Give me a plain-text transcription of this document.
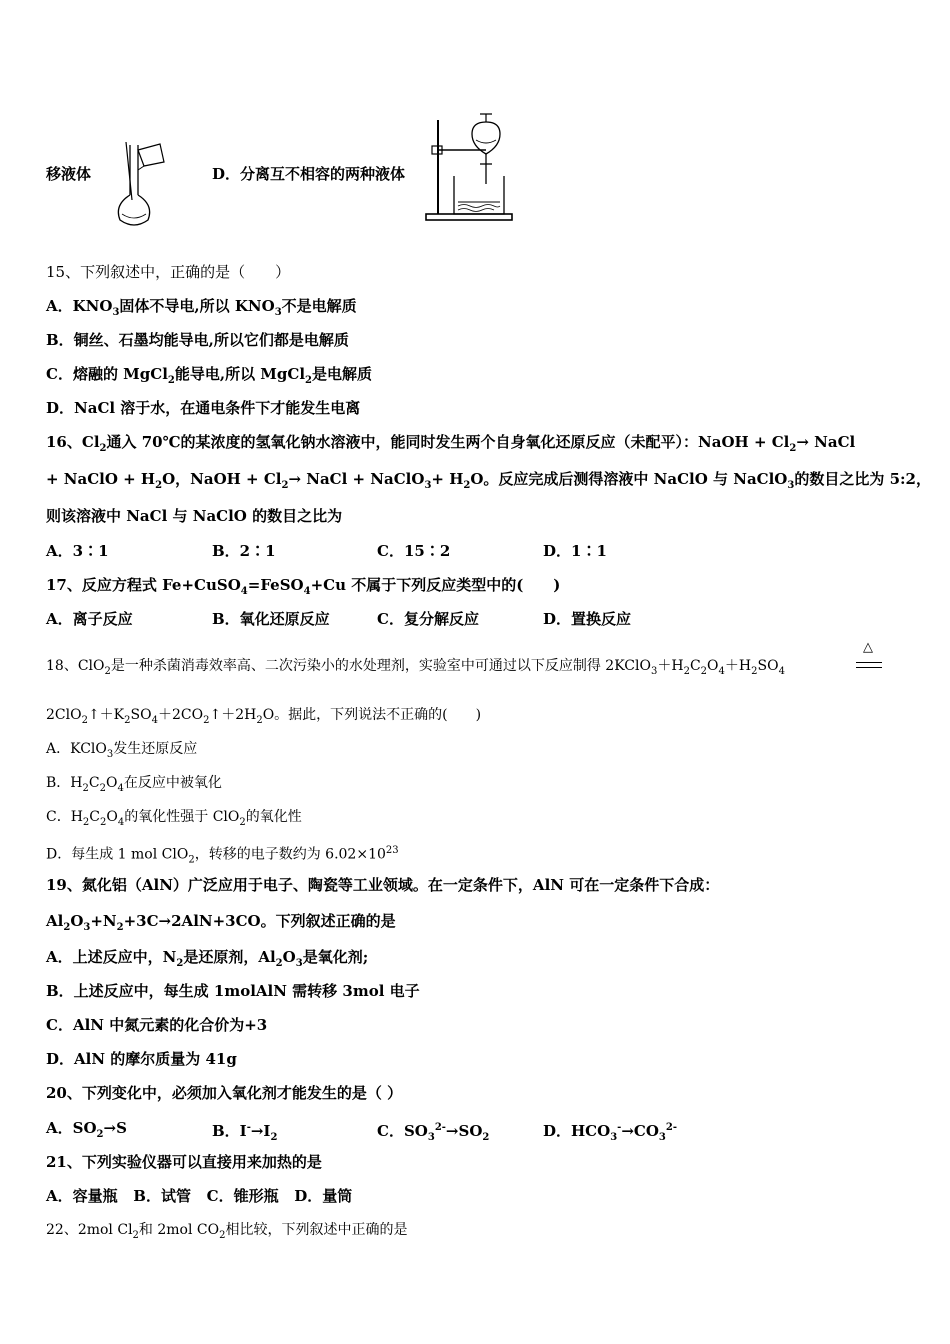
移液体	D．分离互不相容的两种液体
15、下列叙述中，正确的是（　　）
A．$KNO_3$固体不导电,所以 $KNO_3$不是电解质
B．铜丝、石墨均能导电,所以它们都是电解质
C．熔融的 MgCl$_2$能导电,所以 MgCl$_2$是电解质
D．NaCl 溶于水，在通电条件下才能发生电离
16、$Cl_2$通入 70℃的某浓度的氢氧化钠水溶液中，能同时发生两个自身氧化还原反应（未配平）：NaOH + $Cl_2\to$ NaCl
+ NaClO + $H_2O$，NaOH + $Cl_2\to$ NaCl + NaClO$_3$+ $H_2O$。反应完成后测得溶液中 NaClO 与 NaClO$_3$的数目之比为 5:2，
则该溶液中 NaCl 与 NaClO 的数目之比为
A．3∶1	B．2∶1	C．15∶2	D．1∶1
17、反应方程式 Fe+CuSO$_4$=FeSO$_4$+Cu 不属于下列反应类型中的(　　)
A．离子反应	B．氧化还原反应	C．复分解反应	D．置换反应
18、ClO$_2$是一种杀菌消毒效率高、二次污染小的水处理剂，实验室中可通过以下反应制得 $2KClO_3+H_2C_2O_4+H_2SO_4$
△
$2ClO_2↑+K_2SO_4+2CO_2↑+2H_2O$。据此，下列说法不正确的(　　)
A．KClO$_3$发生还原反应
B．$H_2C_2O_4$在反应中被氧化
C．$H_2C_2O_4$的氧化性强于 ClO$_2$的氧化性
D．每生成 1 mol ClO$_2$，转移的电子数约为 $6.02\times 10^{23}$
19、氮化铝（AlN）广泛应用于电子、陶瓷等工业领域。在一定条件下，AlN 可在一定条件下合成：
$Al_2O_3+N_2+3C\to 2AlN+3CO$。下列叙述正确的是
A．上述反应中，$N_2$是还原剂，$Al_2O_3$是氧化剂;
B．上述反应中，每生成 1molAlN 需转移 3mol 电子
C．AlN 中氮元素的化合价为+3
D．AlN 的摩尔质量为 41g
20、下列变化中，必须加入氧化剂才能发生的是（ ）
A．$SO_2\to S$	B．$I^-\to I_2$	C．$SO_3^{2-}\to SO_2$	D．$HCO_3^-\to CO_3^{2-}$
21、下列实验仪器可以直接用来加热的是
A．容量瓶   B．试管   C．锥形瓶   D．量筒
22、2mol $Cl_2$和 2mol $CO_2$相比较，下列叙述中正确的是
